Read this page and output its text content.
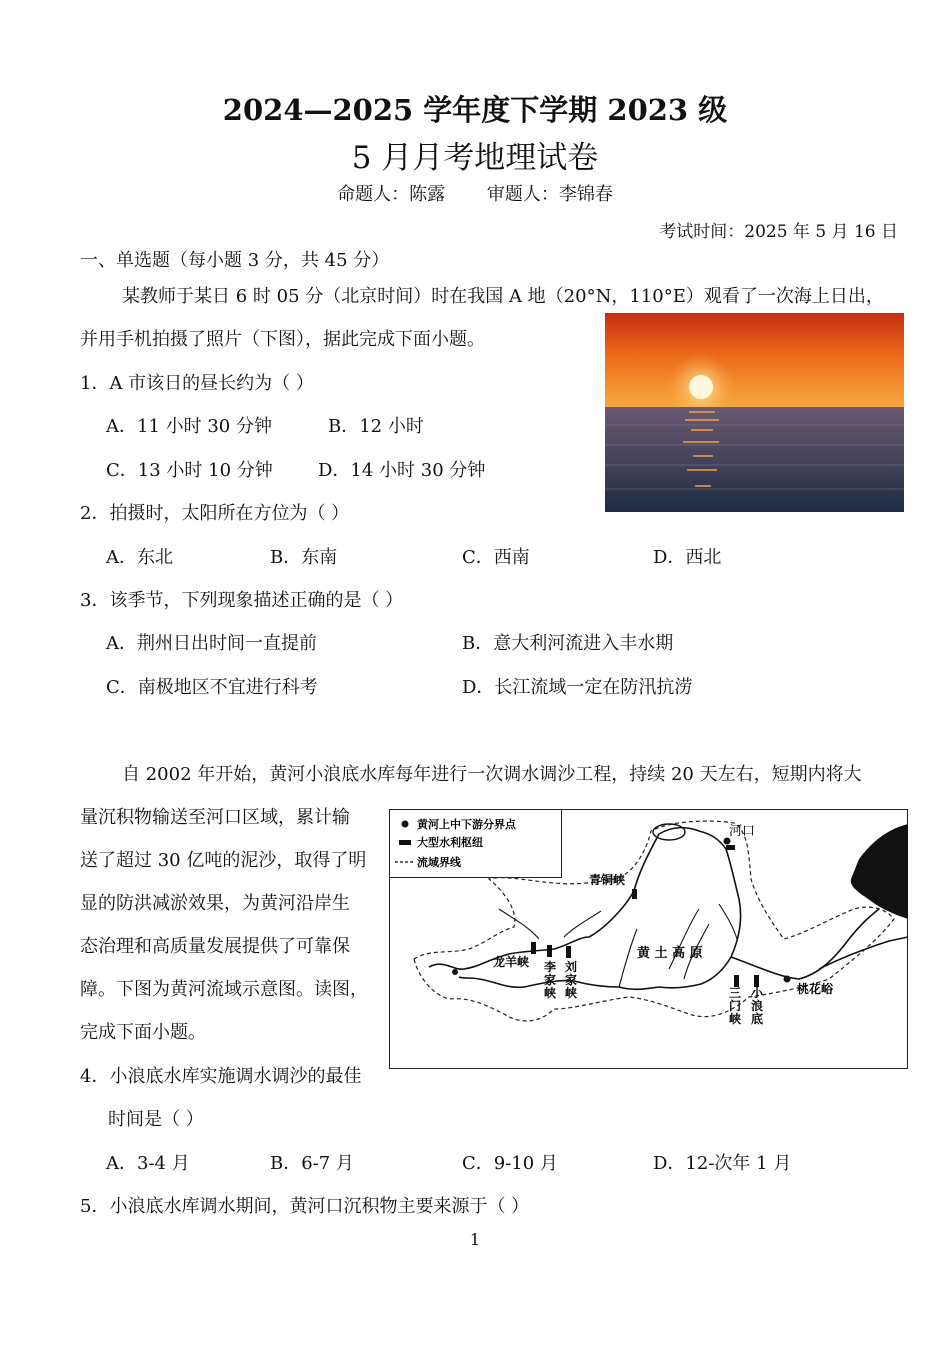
2024—2025 学年度下学期 2023 级
5 月月考地理试卷
命题人：陈露 审题人：李锦春
考试时间：2025 年 5 月 16 日
一、单选题（每小题 3 分，共 45 分）
某教师于某日 6 时 05 分（北京时间）时在我国 A 地（20°N，110°E）观看了一次海上日出，
并用手机拍摄了照片（下图），据此完成下面小题。
1．A 市该日的昼长约为（ ）
A．11 小时 30 分钟	B．12 小时
C．13 小时 10 分钟	D．14 小时 30 分钟
2．拍摄时，太阳所在方位为（ ）
A．东北	B．东南	C．西南	D．西北
3．该季节，下列现象描述正确的是（ ）
A．荆州日出时间一直提前	B．意大利河流进入丰水期
C．南极地区不宜进行科考	D．长江流域一定在防汛抗涝
自 2002 年开始，黄河小浪底水库每年进行一次调水调沙工程，持续 20 天左右，短期内将大
量沉积物输送至河口区域，累计输
送了超过 30 亿吨的泥沙，取得了明
显的防洪减淤效果，为黄河沿岸生
态治理和高质量发展提供了可靠保
障。下图为黄河流域示意图。读图，
完成下面小题。
4．小浪底水库实施调水调沙的最佳
时间是（ ）
A．3-4 月	B．6-7 月	C．9-10 月	D．12-次年 1 月
5．小浪底水库调水期间，黄河口沉积物主要来源于（ ）
黄河上中下游分界点
大型水利枢纽
流域界线
河口
青铜峡
黄 土 高 原
龙羊峡 李家峡
刘家峡	三门峡
小浪底
桃花峪
1
